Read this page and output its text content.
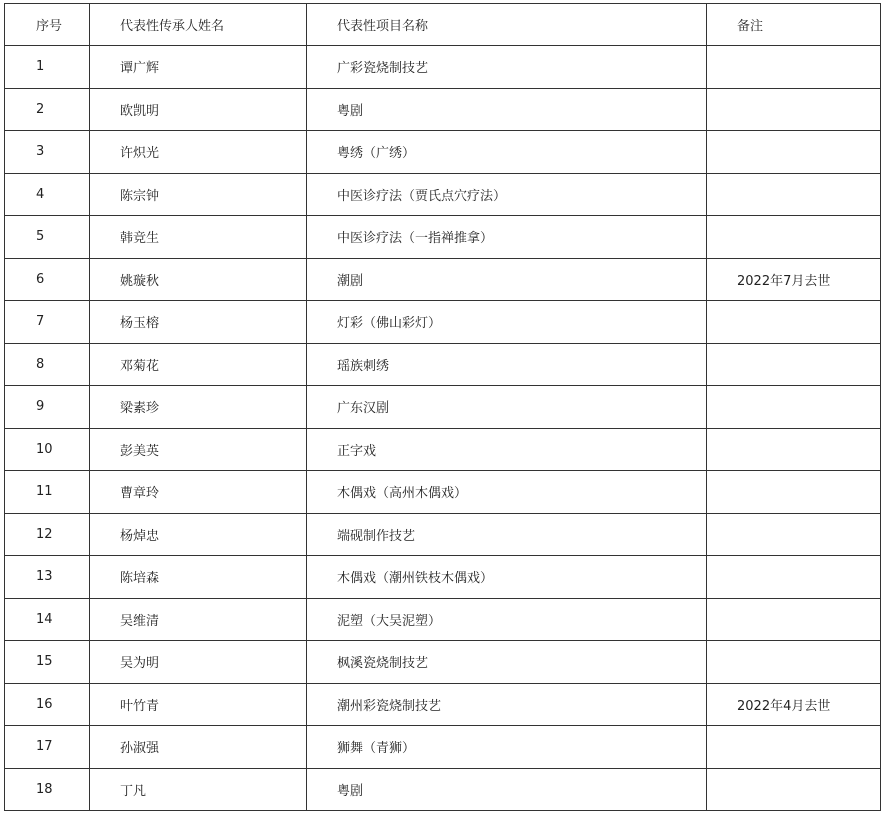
序号	代表性传承人姓名	代表性项目名称	备注
1	谭广辉	广彩瓷烧制技艺	
2	欧凯明	粤剧	
3	许炽光	粤绣（广绣）	
4	陈宗钟	中医诊疗法（贾氏点穴疗法）	
5	韩竞生	中医诊疗法（一指禅推拿）	
6	姚璇秋	潮剧	2022年7月去世
7	杨玉榕	灯彩（佛山彩灯）	
8	邓菊花	瑶族刺绣	
9	梁素珍	广东汉剧	
10	彭美英	正字戏	
11	曹章玲	木偶戏（高州木偶戏）	
12	杨焯忠	端砚制作技艺	
13	陈培森	木偶戏（潮州铁枝木偶戏）	
14	吴维清	泥塑（大吴泥塑）	
15	吴为明	枫溪瓷烧制技艺	
16	叶竹青	潮州彩瓷烧制技艺	2022年4月去世
17	孙淑强	狮舞（青狮）	
18	丁凡	粤剧	
